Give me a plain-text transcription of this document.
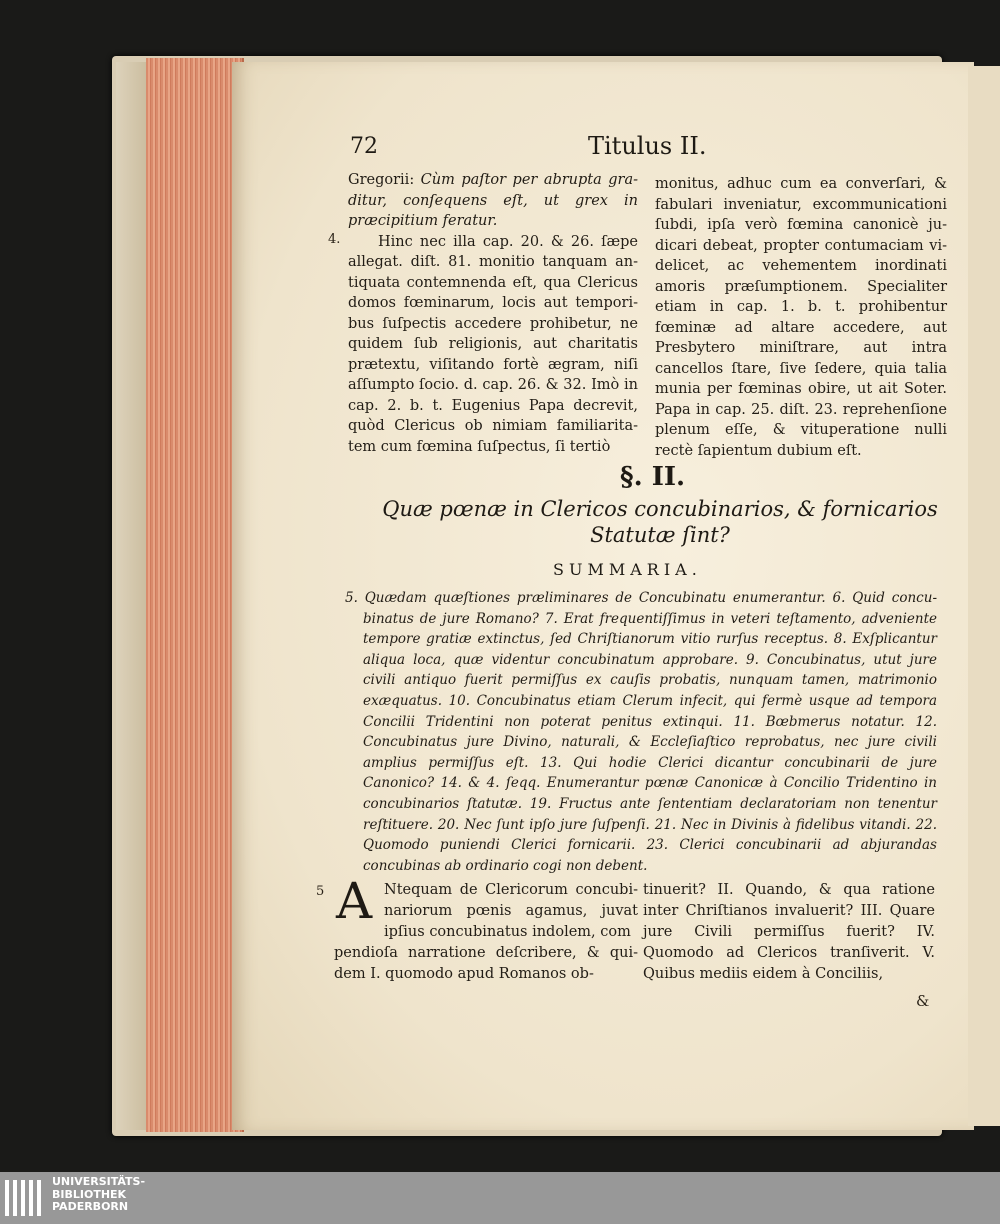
72	Titulus II.

Gregorii: Cùm paſtor per abrupta graditur, conſequens eſt, ut grex in præcipitium feratur.

Hinc nec illa cap. 20. & 26. ſæpe allegat. diſt. 81. monitio tanquam antiquata contemnenda eſt, qua Clericus domos fœminarum, locis aut temporibus ſuſpectis accedere prohibetur, ne quidem ſub religionis, aut charitatis prætextu, viſitando fortè ægram, niſi aſſumpto ſocio. d. cap. 26. & 32. Imò in cap. 2. b. t. Eugenius Papa decrevit, quòd Clericus ob nimiam familiaritatem cum fœmina ſuſpectus, ſi tertiò

4.

monitus, adhuc cum ea converſari, & fabulari inveniatur, excommunicationi ſubdi, ipſa verò fœmina canonicè judicari debeat, propter contumaciam videlicet, ac vehementem inordinati amoris præſumptionem. Specialiter etiam in cap. 1. b. t. prohibentur fœminæ ad altare accedere, aut Presbytero miniſtrare, aut intra cancellos ſtare, ſive ſedere, quia talia munia per fœminas obire, ut ait Soter. Papa in cap. 25. diſt. 23. reprehenſione plenum eſſe, & vituperatione nulli rectè ſapientum dubium eſt.

§. II.
Quæ pœnæ in Clericos concubinarios, & fornicarios Statutæ ſint?
SUMMARIA.

5. Quædam quæſtiones præliminares de Concubinatu enumerantur. 6. Quid concubinatus de jure Romano? 7. Erat frequentiſſimus in veteri teſtamento, adveniente tempore gratiæ extinctus, ſed Chriſtianorum vitio rurſus receptus. 8. Exſplicantur aliqua loca, quæ videntur concubinatum approbare. 9. Concubinatus, utut jure civili antiquo fuerit permiſſus ex cauſis probatis, nunquam tamen, matrimonio exæquatus. 10. Concubinatus etiam Clerum infecit, qui fermè usque ad tempora Concilii Tridentini non poterat penitus extinqui. 11. Bœbmerus notatur. 12. Concubinatus jure Divino, naturali, & Eccleſiaſtico reprobatus, nec jure civili amplius permiſſus eſt. 13. Qui hodie Clerici dicantur concubinarii de jure Canonico? 14. & 4. ſeqq. Enumerantur pœnæ Canonicæ à Concilio Tridentino in concubinarios ſtatutæ. 19. Fructus ante ſententiam declaratoriam non tenentur reſtituere. 20. Nec ſunt ipſo jure ſuſpenſi. 21. Nec in Divinis à fidelibus vitandi. 22. Quomodo puniendi Clerici fornicarii. 23. Clerici concubinarii ad abjurandas concubinas ab ordinario cogi non debent.

5 A Ntequam de Clericorum concubinariorum pœnis agamus, juvat ipſius concubinatus indolem, com
pendioſa narratione deſcribere, & quidem I. quomodo apud Romanos ob-
tinuerit? II. Quando, & qua ratione inter Chriſtianos invaluerit? III. Quare jure Civili permiſſus fuerit? IV. Quomodo ad Clericos tranſiverit. V. Quibus mediis eidem à Conciliis,
&
UNIVERSITÄTS-
BIBLIOTHEK
PADERBORN
